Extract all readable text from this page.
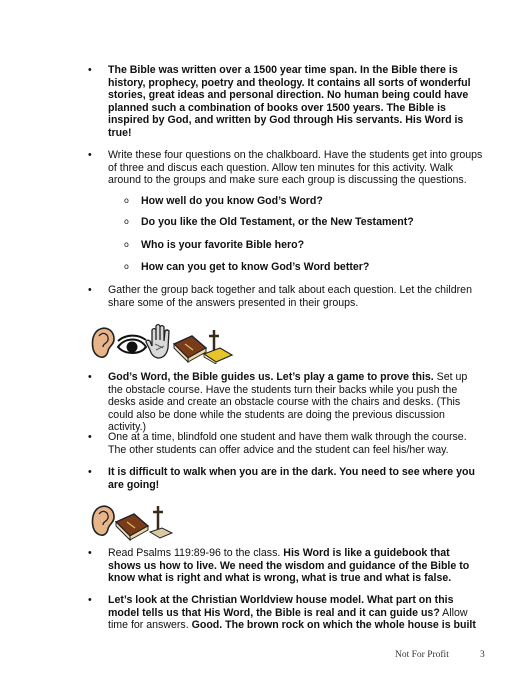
•	The Bible was written over a 1500 year time span. In the Bible there is history, prophecy, poetry and theology. It contains all sorts of wonderful stories, great ideas and personal direction. No human being could have planned such a combination of books over 1500 years. The Bible is inspired by God, and written by God through His servants. His Word is true!
•	Write these four questions on the chalkboard. Have the students get into groups of three and discus each question. Allow ten minutes for this activity. Walk around to the groups and make sure each group is discussing the questions.
o How well do you know God’s Word?
o Do you like the Old Testament, or the New Testament?
o Who is your favorite Bible hero?
o How can you get to know God’s Word better?
•	Gather the group back together and talk about each question. Let the children share some of the answers presented in their groups.
•	God’s Word, the Bible guides us. Let’s play a game to prove this. Set up the obstacle course. Have the students turn their backs while you push the desks aside and create an obstacle course with the chairs and desks. (This could also be done while the students are doing the previous discussion activity.)
•	One at a time, blindfold one student and have them walk through the course. The other students can offer advice and the student can feel his/her way.
•	It is difficult to walk when you are in the dark. You need to see where you are going!
•	Read Psalms 119:89-96 to the class. His Word is like a guidebook that shows us how to live. We need the wisdom and guidance of the Bible to know what is right and what is wrong, what is true and what is false.
•	Let’s look at the Christian Worldview house model. What part on this model tells us that His Word, the Bible is real and it can guide us? Allow time for answers. Good. The brown rock on which the whole house is built
Not For Profit	3
